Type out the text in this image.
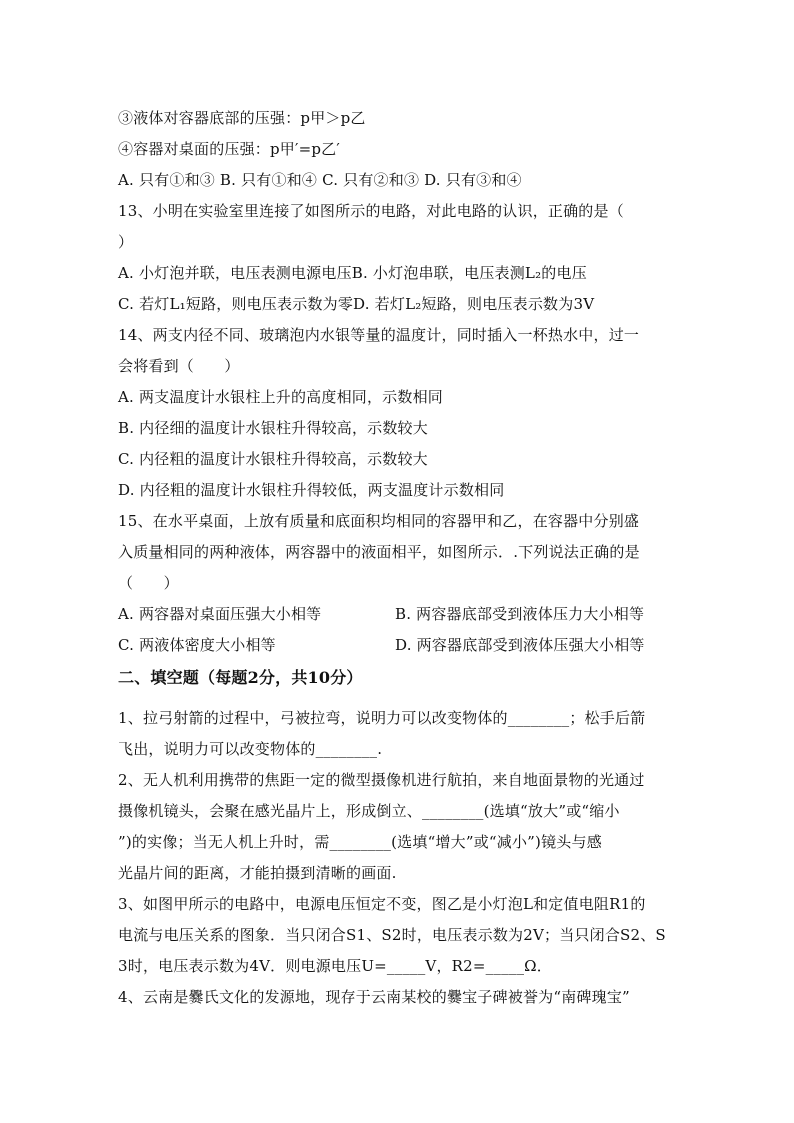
③液体对容器底部的压强：p甲＞p乙
④容器对桌面的压强：p甲′=p乙′
A. 只有①和③ B. 只有①和④ C. 只有②和③ D. 只有③和④
13、小明在实验室里连接了如图所示的电路，对此电路的认识，正确的是（
）
A. 小灯泡并联，电压表测电源电压B. 小灯泡串联，电压表测L₂的电压
C. 若灯L₁短路，则电压表示数为零D. 若灯L₂短路，则电压表示数为3V
14、两支内径不同、玻璃泡内水银等量的温度计，同时插入一杯热水中，过一
会将看到（　　）
A. 两支温度计水银柱上升的高度相同，示数相同
B. 内径细的温度计水银柱升得较高，示数较大
C. 内径粗的温度计水银柱升得较高，示数较大
D. 内径粗的温度计水银柱升得较低，两支温度计示数相同
15、在水平桌面，上放有质量和底面积均相同的容器甲和乙，在容器中分别盛
入质量相同的两种液体，两容器中的液面相平，如图所示．.下列说法正确的是
（　　）
A. 两容器对桌面压强大小相等	B. 两容器底部受到液体压力大小相等
C. 两液体密度大小相等	D. 两容器底部受到液体压强大小相等
二、填空题（每题2分，共10分）
1、拉弓射箭的过程中，弓被拉弯，说明力可以改变物体的________；松手后箭
飞出，说明力可以改变物体的________.
2、无人机利用携带的焦距一定的微型摄像机进行航拍，来自地面景物的光通过
摄像机镜头，会聚在感光晶片上，形成倒立、________(选填“放大”或“缩小
”)的实像；当无人机上升时，需________(选填“增大”或“减小”)镜头与感
光晶片间的距离，才能拍摄到清晰的画面.
3、如图甲所示的电路中，电源电压恒定不变，图乙是小灯泡L和定值电阻R1的
电流与电压关系的图象．当只闭合S1、S2时，电压表示数为2V；当只闭合S2、S
3时，电压表示数为4V．则电源电压U=_____V，R2=_____Ω．
4、云南是爨氏文化的发源地，现存于云南某校的爨宝子碑被誉为“南碑瑰宝”
